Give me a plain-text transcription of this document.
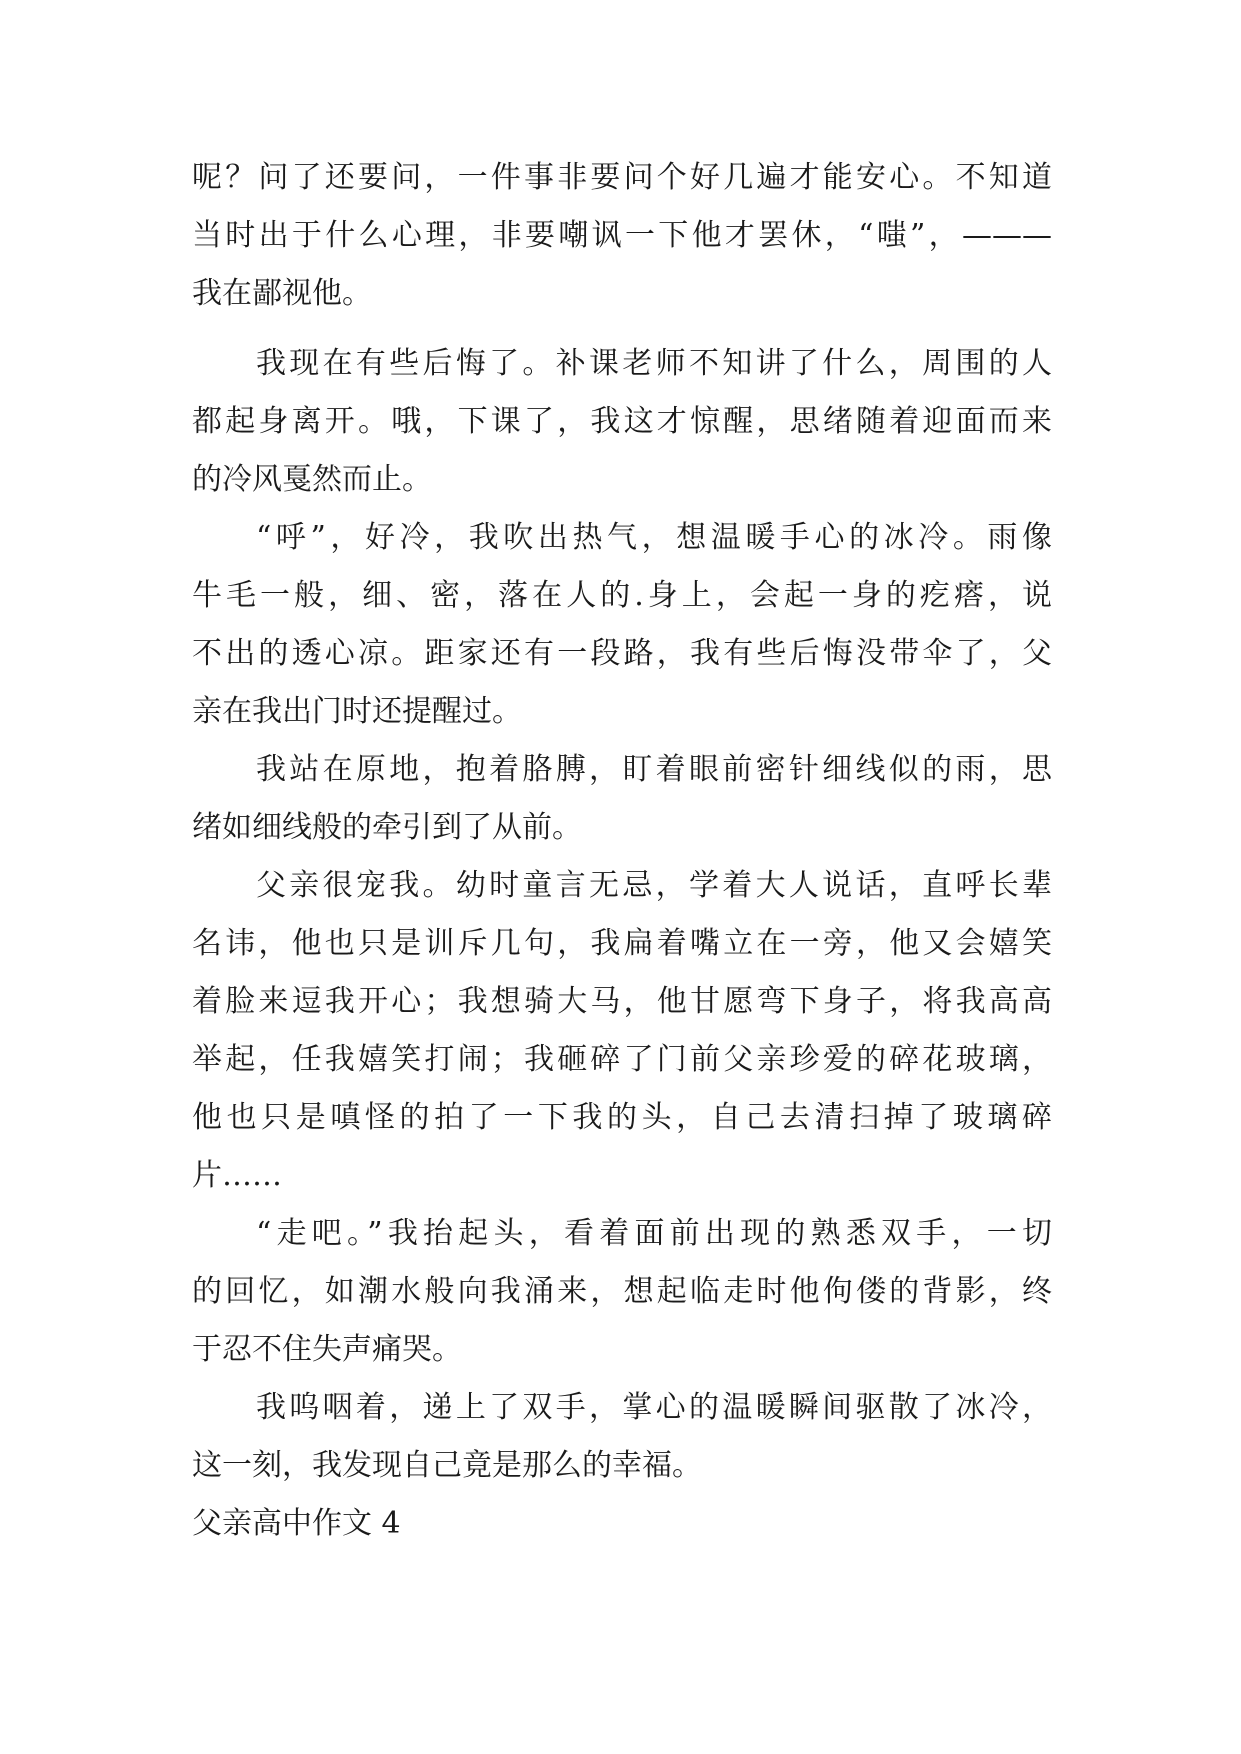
呢？问了还要问，一件事非要问个好几遍才能安心。不知道
当时出于什么心理，非要嘲讽一下他才罢休，“嗤”，———
我在鄙视他。
我现在有些后悔了。补课老师不知讲了什么，周围的人
都起身离开。哦，下课了，我这才惊醒，思绪随着迎面而来
的冷风戛然而止。
“呼”，好冷，我吹出热气，想温暖手心的冰冷。雨像
牛毛一般，细、密，落在人的.身上，会起一身的疙瘩，说
不出的透心凉。距家还有一段路，我有些后悔没带伞了，父
亲在我出门时还提醒过。
我站在原地，抱着胳膊，盯着眼前密针细线似的雨，思
绪如细线般的牵引到了从前。
父亲很宠我。幼时童言无忌，学着大人说话，直呼长辈
名讳，他也只是训斥几句，我扁着嘴立在一旁，他又会嬉笑
着脸来逗我开心；我想骑大马，他甘愿弯下身子，将我高高
举起，任我嬉笑打闹；我砸碎了门前父亲珍爱的碎花玻璃，
他也只是嗔怪的拍了一下我的头，自己去清扫掉了玻璃碎
片……
“走吧。”我抬起头，看着面前出现的熟悉双手，一切
的回忆，如潮水般向我涌来，想起临走时他佝偻的背影，终
于忍不住失声痛哭。
我呜咽着，递上了双手，掌心的温暖瞬间驱散了冰冷，
这一刻，我发现自己竟是那么的幸福。
父亲高中作文 4
